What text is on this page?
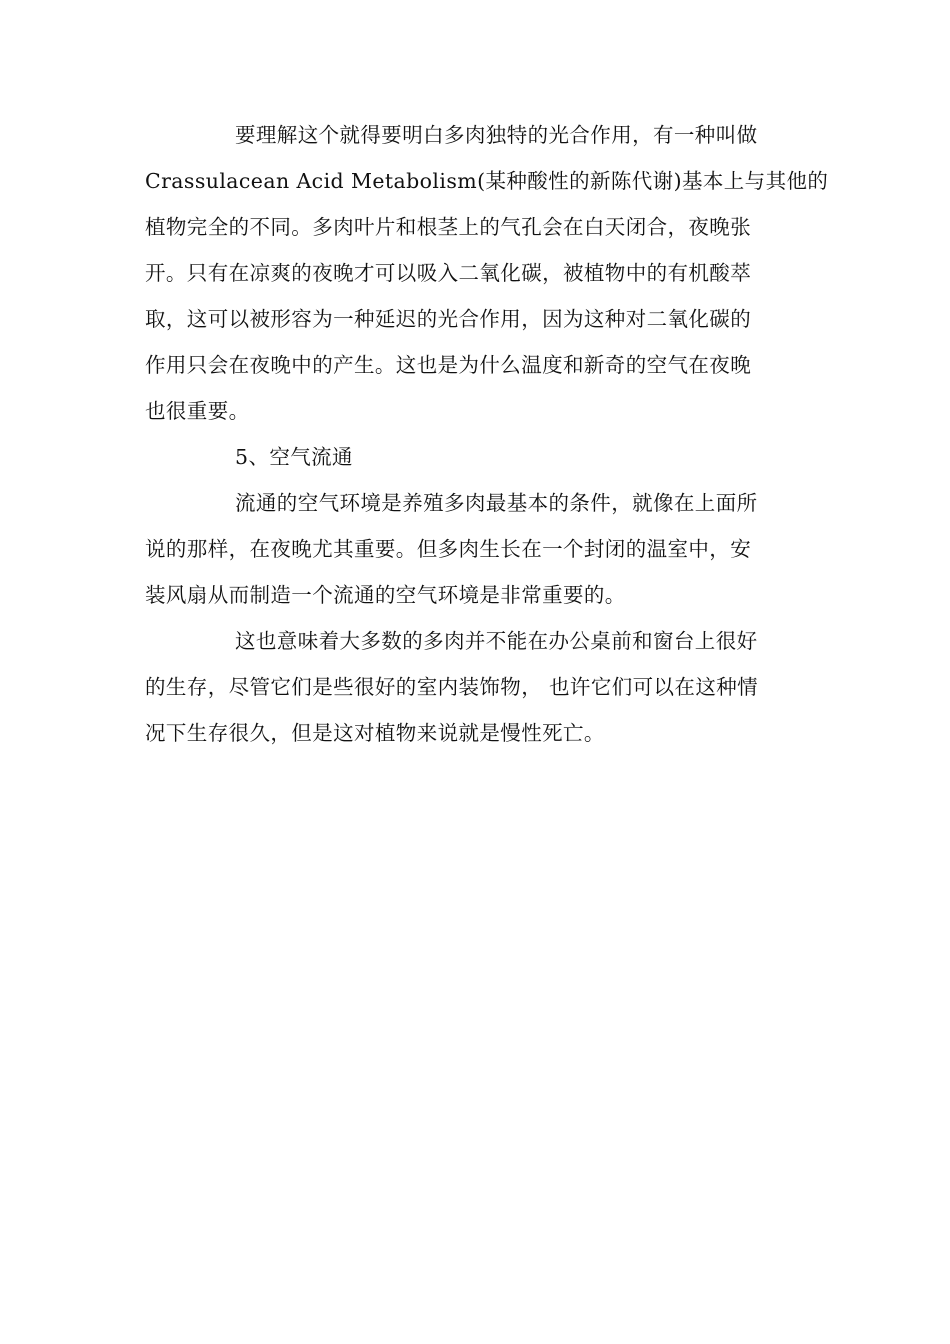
要理解这个就得要明白多肉独特的光合作用，有一种叫做
Crassulacean Acid Metabolism(某种酸性的新陈代谢)基本上与其他的
植物完全的不同。多肉叶片和根茎上的气孔会在白天闭合，夜晚张
开。只有在凉爽的夜晚才可以吸入二氧化碳，被植物中的有机酸萃
取，这可以被形容为一种延迟的光合作用，因为这种对二氧化碳的
作用只会在夜晚中的产生。这也是为什么温度和新奇的空气在夜晚
也很重要。
5、空气流通
流通的空气环境是养殖多肉最基本的条件，就像在上面所
说的那样，在夜晚尤其重要。但多肉生长在一个封闭的温室中，安
装风扇从而制造一个流通的空气环境是非常重要的。
这也意味着大多数的多肉并不能在办公桌前和窗台上很好
的生存，尽管它们是些很好的室内装饰物， 也许它们可以在这种情
况下生存很久，但是这对植物来说就是慢性死亡。
